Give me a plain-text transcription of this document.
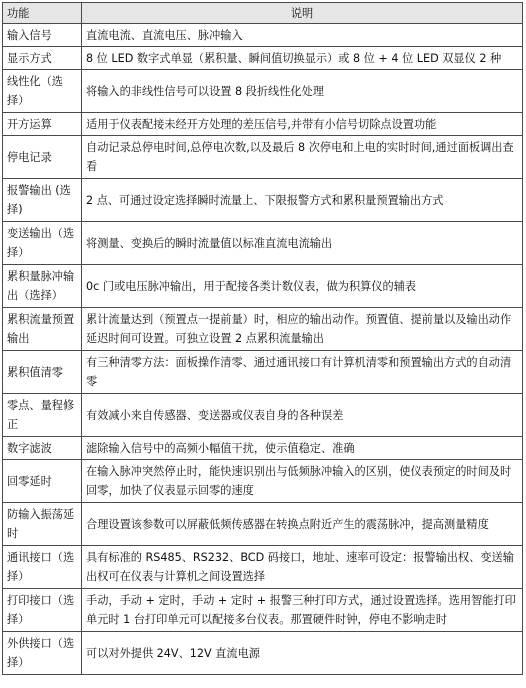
功能	说明
输入信号	直流电流、直流电压、脉冲输入
显示方式	8 位 LED 数字式单显（累积量、瞬间值切换显示）或 8 位 + 4 位 LED 双显仪 2 种
线性化（选择）	将输入的非线性信号可以设置 8 段折线性化处理
开方运算	适用于仪表配接未经开方处理的差压信号,并带有小信号切除点设置功能
停电记录	自动记录总停电时间,总停电次数,以及最后 8 次停电和上电的实时时间,通过面板调出查看
报警输出 (选择)	2 点、可通过设定选择瞬时流量上、下限报警方式和累积量预置输出方式
变送输出（选择）	将测量、变换后的瞬时流量值以标准直流电流输出
累积量脉冲输出（选择）	0c 门或电压脉冲输出，用于配接各类计数仪表，做为积算仪的辅表
累积流量预置输出	累计流量达到（预置点一提前量）时，相应的输出动作。预置值、提前量以及输出动作延迟时间可设置。可独立设置 2 点累积流量输出
累积值清零	有三种清零方法：面板操作清零、通过通讯接口有计算机清零和预置输出方式的自动清零
零点、量程修正	有效减小来自传感器、变送器或仪表自身的各种误差
数字滤波	滤除输入信号中的高频小幅值干扰，使示值稳定、准确
回零延时	在输入脉冲突然停止时，能快速识别出与低频脉冲输入的区别，使仪表预定的时间及时回零，加快了仪表显示回零的速度
防输入振荡延时	合理设置该参数可以屏蔽低频传感器在转换点附近产生的震荡脉冲，提高测量精度
通讯接口（选择）	具有标准的 RS485、RS232、BCD 码接口，地址、速率可设定：报警输出权、变送输出权可在仪表与计算机之间设置选择
打印接口（选择）	手动，手动 + 定时，手动 + 定时 + 报警三种打印方式，通过设置选择。选用智能打印单元时 1 台打印单元可以配接多台仪表。那置硬件时钟，停电不影响走时
外供接口（选择）	可以对外提供 24V、12V 直流电源
